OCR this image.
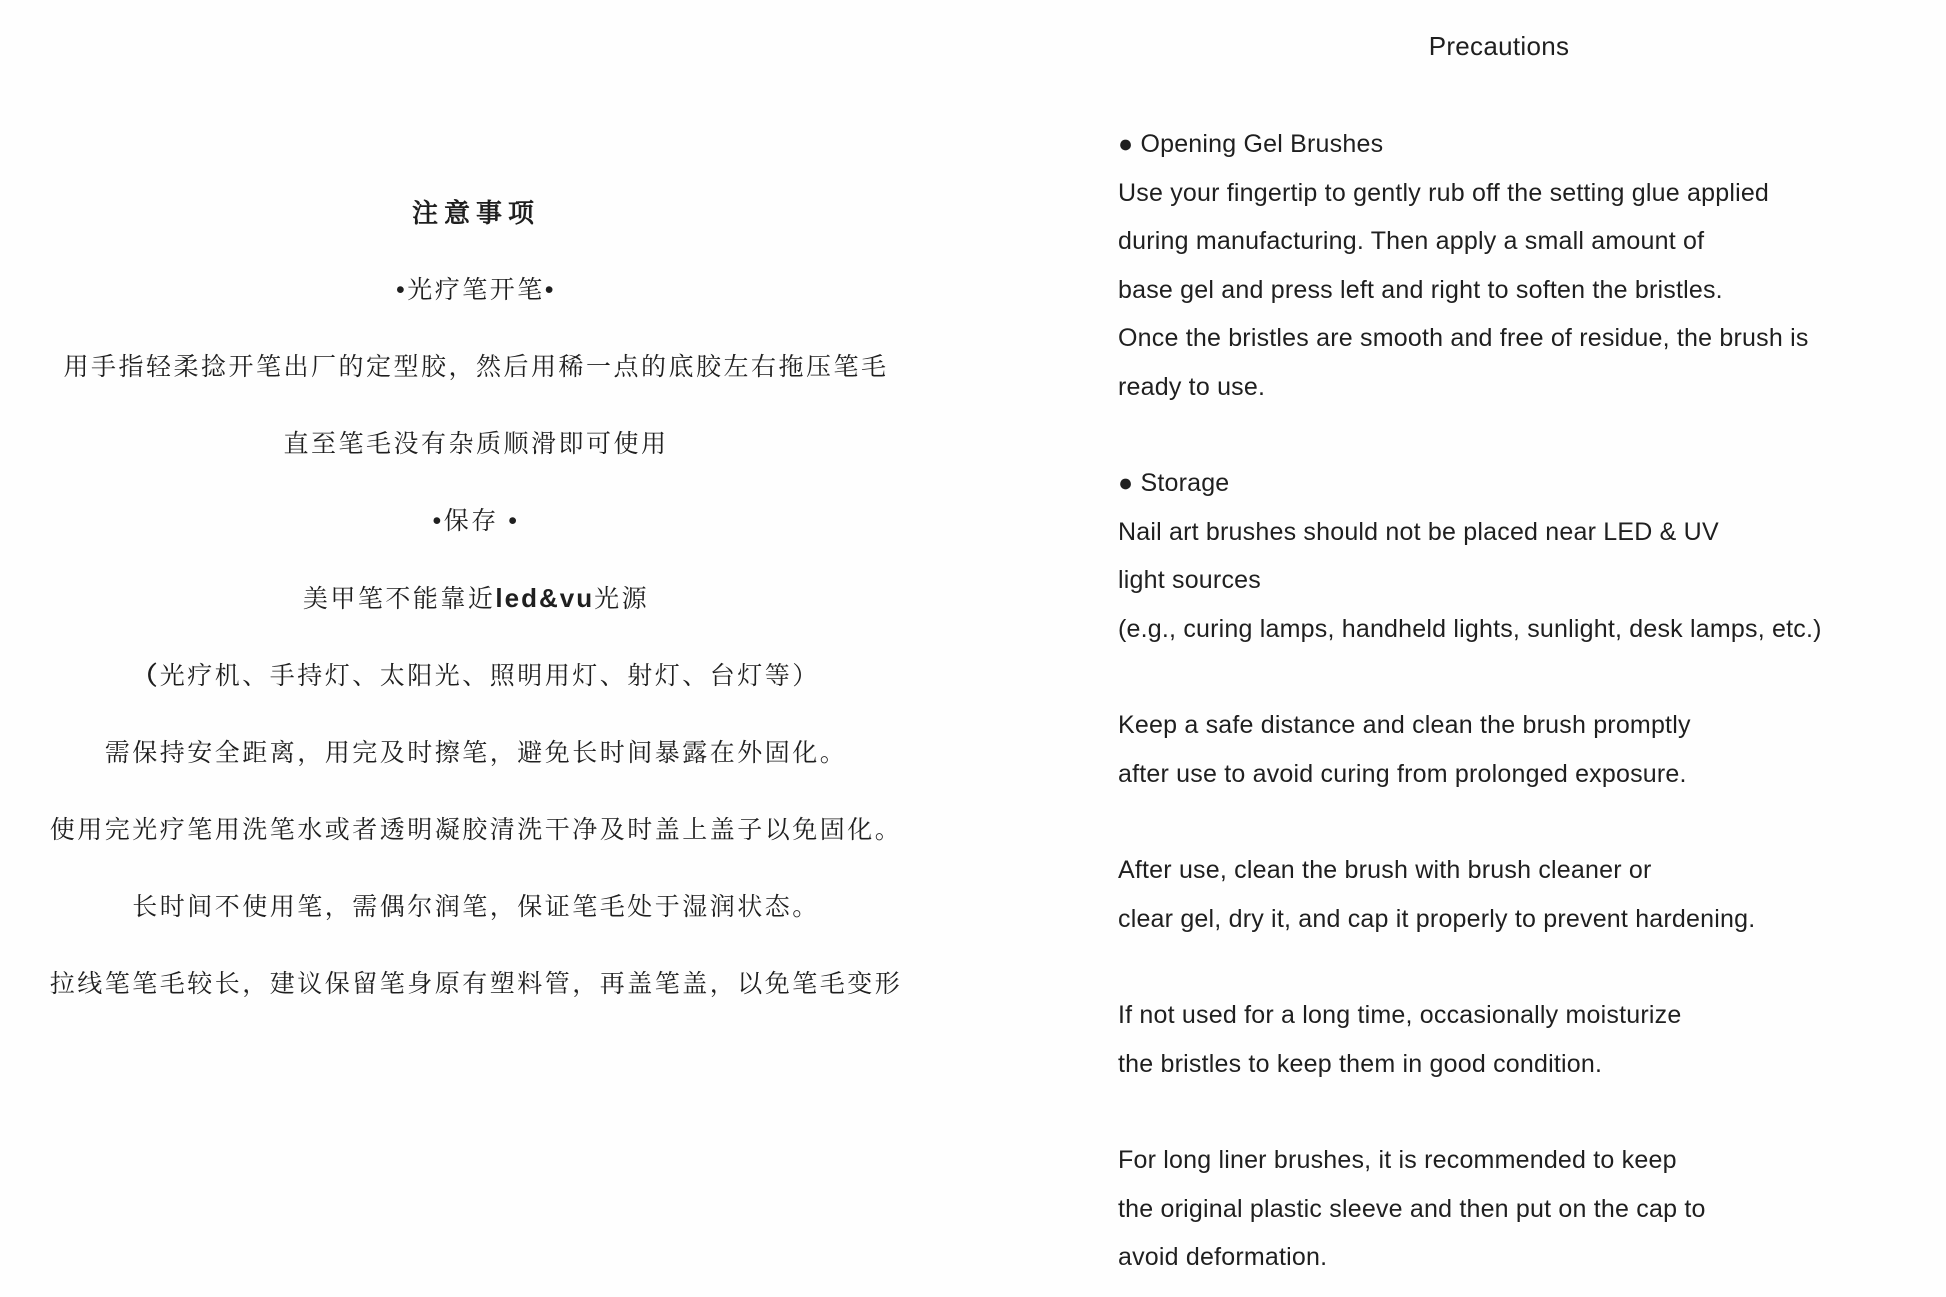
注意事项

•光疗笔开笔•

用手指轻柔捻开笔出厂的定型胶，然后用稀一点的底胶左右拖压笔毛

直至笔毛没有杂质顺滑即可使用

•保存 •

美甲笔不能靠近led&vu光源

（光疗机、手持灯、太阳光、照明用灯、射灯、台灯等）

需保持安全距离，用完及时擦笔，避免长时间暴露在外固化。

使用完光疗笔用洗笔水或者透明凝胶清洗干净及时盖上盖子以免固化。

长时间不使用笔，需偶尔润笔，保证笔毛处于湿润状态。

拉线笔笔毛较长，建议保留笔身原有塑料管，再盖笔盖，以免笔毛变形

Precautions

● Opening Gel Brushes

Use your fingertip to gently rub off the setting glue applied

during manufacturing. Then apply a small amount of

base gel and press left and right to soften the bristles.

Once the bristles are smooth and free of residue, the brush is

ready to use.

● Storage

Nail art brushes should not be placed near LED & UV

light sources

(e.g., curing lamps, handheld lights, sunlight, desk lamps, etc.)

Keep a safe distance and clean the brush promptly

after use to avoid curing from prolonged exposure.

After use, clean the brush with brush cleaner or

clear gel, dry it, and cap it properly to prevent hardening.

If not used for a long time, occasionally moisturize

the bristles to keep them in good condition.

For long liner brushes, it is recommended to keep

the original plastic sleeve and then put on the cap to

avoid deformation.
